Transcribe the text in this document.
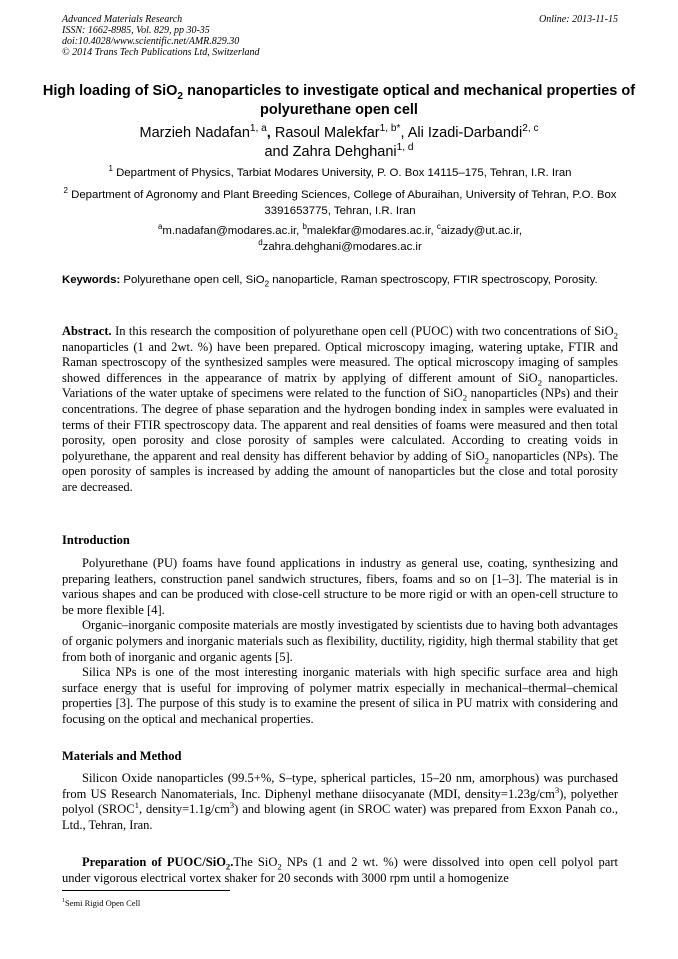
Advanced Materials Research
ISSN: 1662-8985, Vol. 829, pp 30-35
doi:10.4028/www.scientific.net/AMR.829.30
© 2014 Trans Tech Publications Ltd, Switzerland
Online: 2013-11-15
High loading of SiO$_2$ nanoparticles to investigate optical and mechanical properties of polyurethane open cell
Marzieh Nadafan$^{1, a}$, Rasoul Malekfar$^{1, b*}$, Ali Izadi-Darbandi$^{2, c}$
and Zahra Dehghani$^{1, d}$
$^1$ Department of Physics, Tarbiat Modares University, P. O. Box 14115–175, Tehran, I.R. Iran
$^2$ Department of Agronomy and Plant Breeding Sciences, College of Aburaihan, University of Tehran, P.O. Box 3391653775, Tehran, I.R. Iran
$^a$m.nadafan@modares.ac.ir, $^b$malekfar@modares.ac.ir, $^c$aizady@ut.ac.ir,
$^d$zahra.dehghani@modares.ac.ir
Keywords: Polyurethane open cell, SiO$_2$ nanoparticle, Raman spectroscopy, FTIR spectroscopy, Porosity.
Abstract. In this research the composition of polyurethane open cell (PUOC) with two concentrations of SiO$_2$ nanoparticles (1 and 2wt. %) have been prepared. Optical microscopy imaging, watering uptake, FTIR and Raman spectroscopy of the synthesized samples were measured. The optical microscopy imaging of samples showed differences in the appearance of matrix by applying of different amount of SiO$_2$ nanoparticles. Variations of the water uptake of specimens were related to the function of SiO$_2$ nanoparticles (NPs) and their concentrations. The degree of phase separation and the hydrogen bonding index in samples were evaluated in terms of their FTIR spectroscopy data. The apparent and real densities of foams were measured and then total porosity, open porosity and close porosity of samples were calculated. According to creating voids in polyurethane, the apparent and real density has different behavior by adding of SiO$_2$ nanoparticles (NPs). The open porosity of samples is increased by adding the amount of nanoparticles but the close and total porosity are decreased.
Introduction

Polyurethane (PU) foams have found applications in industry as general use, coating, synthesizing and preparing leathers, construction panel sandwich structures, fibers, foams and so on [1–3]. The material is in various shapes and can be produced with close-cell structure to be more rigid or with an open-cell structure to be more flexible [4].

Organic–inorganic composite materials are mostly investigated by scientists due to having both advantages of organic polymers and inorganic materials such as flexibility, ductility, rigidity, high thermal stability that get from both of inorganic and organic agents [5].

Silica NPs is one of the most interesting inorganic materials with high specific surface area and high surface energy that is useful for improving of polymer matrix especially in mechanical–thermal–chemical properties [3]. The purpose of this study is to examine the present of silica in PU matrix with considering and focusing on the optical and mechanical properties.

Materials and Method

Silicon Oxide nanoparticles (99.5+%, S–type, spherical particles, 15–20 nm, amorphous) was purchased from US Research Nanomaterials, Inc. Diphenyl methane diisocyanate (MDI, $density=1.23g/cm^3$), polyether polyol (SROC$^1$, $density=1.1g/cm^3$) and blowing agent (in SROC water) was prepared from Exxon Panah co., Ltd., Tehran, Iran.

Preparation of PUOC/SiO$_2$.The SiO$_2$ NPs (1 and 2 wt. %) were dissolved into open cell polyol part under vigorous electrical vortex shaker for 20 seconds with 3000 rpm until a homogenize

$^1$Semi Rigid Open Cell
